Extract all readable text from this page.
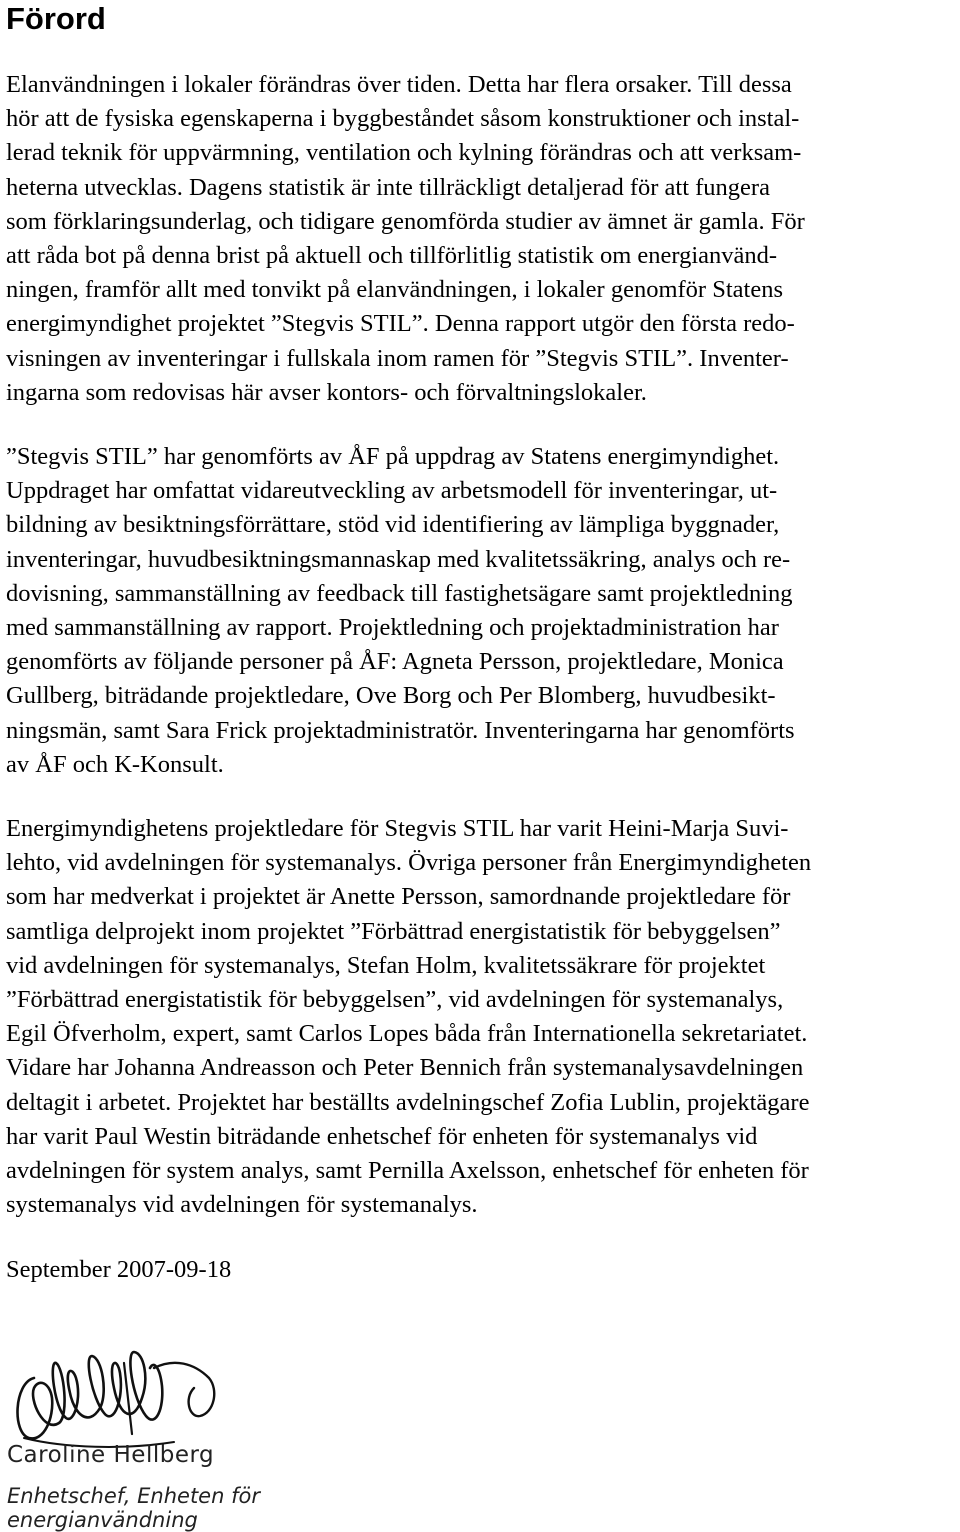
Förord

Elanvändningen i lokaler förändras över tiden. Detta har flera orsaker. Till dessa
hör att de fysiska egenskaperna i byggbeståndet såsom konstruktioner och instal-
lerad teknik för uppvärmning, ventilation och kylning förändras och att verksam-
heterna utvecklas. Dagens statistik är inte tillräckligt detaljerad för att fungera
som förklaringsunderlag, och tidigare genomförda studier av ämnet är gamla. För
att råda bot på denna brist på aktuell och tillförlitlig statistik om energianvänd-
ningen, framför allt med tonvikt på elanvändningen, i lokaler genomför Statens
energimyndighet projektet ”Stegvis STIL”. Denna rapport utgör den första redo-
visningen av inventeringar i fullskala inom ramen för ”Stegvis STIL”. Inventer-
ingarna som redovisas här avser kontors- och förvaltningslokaler.

”Stegvis STIL” har genomförts av ÅF på uppdrag av Statens energimyndighet.
Uppdraget har omfattat vidareutveckling av arbetsmodell för inventeringar, ut-
bildning av besiktningsförrättare, stöd vid identifiering av lämpliga byggnader,
inventeringar, huvudbesiktningsmannaskap med kvalitetssäkring, analys och re-
dovisning, sammanställning av feedback till fastighetsägare samt projektledning
med sammanställning av rapport. Projektledning och projektadministration har
genomförts av följande personer på ÅF: Agneta Persson, projektledare, Monica
Gullberg, biträdande projektledare, Ove Borg och Per Blomberg, huvudbesikt-
ningsmän, samt Sara Frick projektadministratör. Inventeringarna har genomförts
av ÅF och K-Konsult.

Energimyndighetens projektledare för Stegvis STIL har varit Heini-Marja Suvi-
lehto, vid avdelningen för systemanalys. Övriga personer från Energimyndigheten
som har medverkat i projektet är Anette Persson, samordnande projektledare för
samtliga delprojekt inom projektet ”Förbättrad energistatistik för bebyggelsen”
vid avdelningen för systemanalys, Stefan Holm, kvalitetssäkrare för projektet
”Förbättrad energistatistik för bebyggelsen”, vid avdelningen för systemanalys,
Egil Öfverholm, expert, samt Carlos Lopes båda från Internationella sekretariatet.
Vidare har Johanna Andreasson och Peter Bennich från systemanalysavdelningen
deltagit i arbetet. Projektet har beställts avdelningschef Zofia Lublin, projektägare
har varit Paul Westin biträdande enhetschef för enheten för systemanalys vid
avdelningen för system analys, samt Pernilla Axelsson, enhetschef för enheten för
systemanalys vid avdelningen för systemanalys.

September 2007-09-18

Caroline Hellberg
Enhetschef, Enheten för energianvändning
